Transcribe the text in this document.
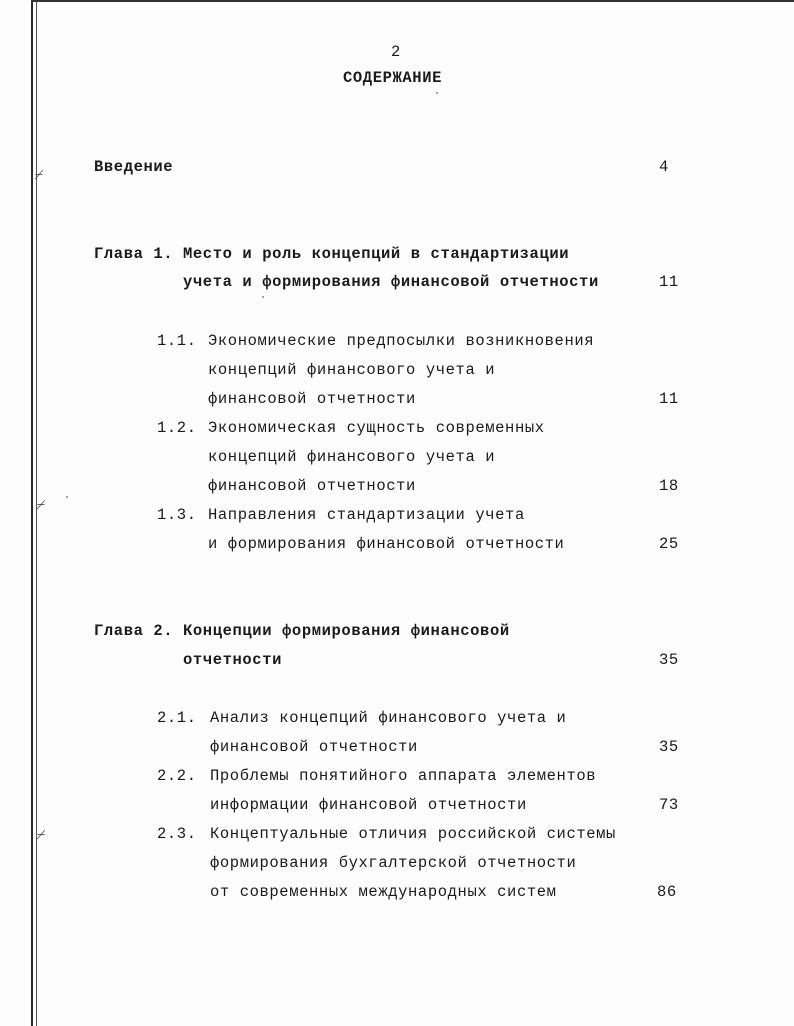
⌿
⌿
⌿
2
СОДЕРЖАНИЕ
Введение	4
Глава 1. Место и роль концепций в стандартизации
учета и формирования финансовой отчетности	11
1.1. Экономические предпосылки возникновения
концепций финансового учета и
финансовой отчетности	11
1.2. Экономическая сущность современных
концепций финансового учета и
финансовой отчетности	18
1.3. Направления стандартизации учета
и формирования финансовой отчетности	25
Глава 2. Концепции формирования финансовой
отчетности	35
2.1. Анализ концепций финансового учета и
финансовой отчетности	35
2.2. Проблемы понятийного аппарата элементов
информации финансовой отчетности	73
2.3. Концептуальные отличия российской системы
формирования бухгалтерской отчетности
от современных международных систем	86
